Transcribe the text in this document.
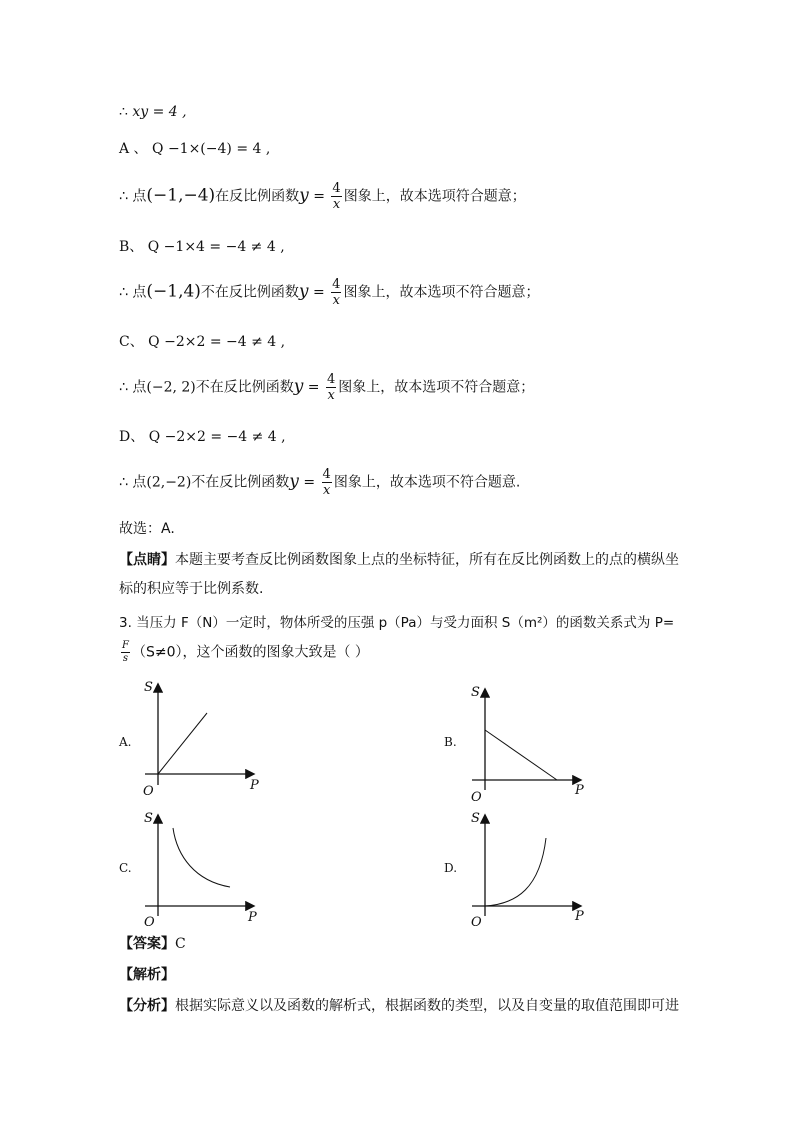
∴ xy = 4 ,
A 、 Q −1×(−4) = 4 ,
∴ 点(−1,−4)在反比例函数$y = \frac{4}{x}$ 图象上，故本选项符合题意；
B、 Q −1×4 = −4 ≠ 4 ,
∴ 点(−1,4)不在反比例函数$y = \frac{4}{x}$ 图象上，故本选项不符合题意；
C、 Q −2×2 = −4 ≠ 4 ,
∴ 点(−2, 2)不在反比例函数$y = \frac{4}{x}$ 图象上，故本选项不符合题意；
D、 Q −2×2 = −4 ≠ 4 ,
∴ 点(2,−2)不在反比例函数$y = \frac{4}{x}$ 图象上，故本选项不符合题意.
故选：A.
【点睛】本题主要考查反比例函数图象上点的坐标特征，所有在反比例函数上的点的横纵坐
标的积应等于比例系数.
3. 当压力 F（N）一定时，物体所受的压强 p（Pa）与受力面积 S（m²）的函数关系式为 P=
$\frac{F}{s} (S\ne 0)$，这个函数的图象大致是（ ）
A.
S
P
O
B.
S
P
O
C.
S
P
O
D.
S
P
O
【答案】C
【解析】
【分析】根据实际意义以及函数的解析式，根据函数的类型，以及自变量的取值范围即可进
